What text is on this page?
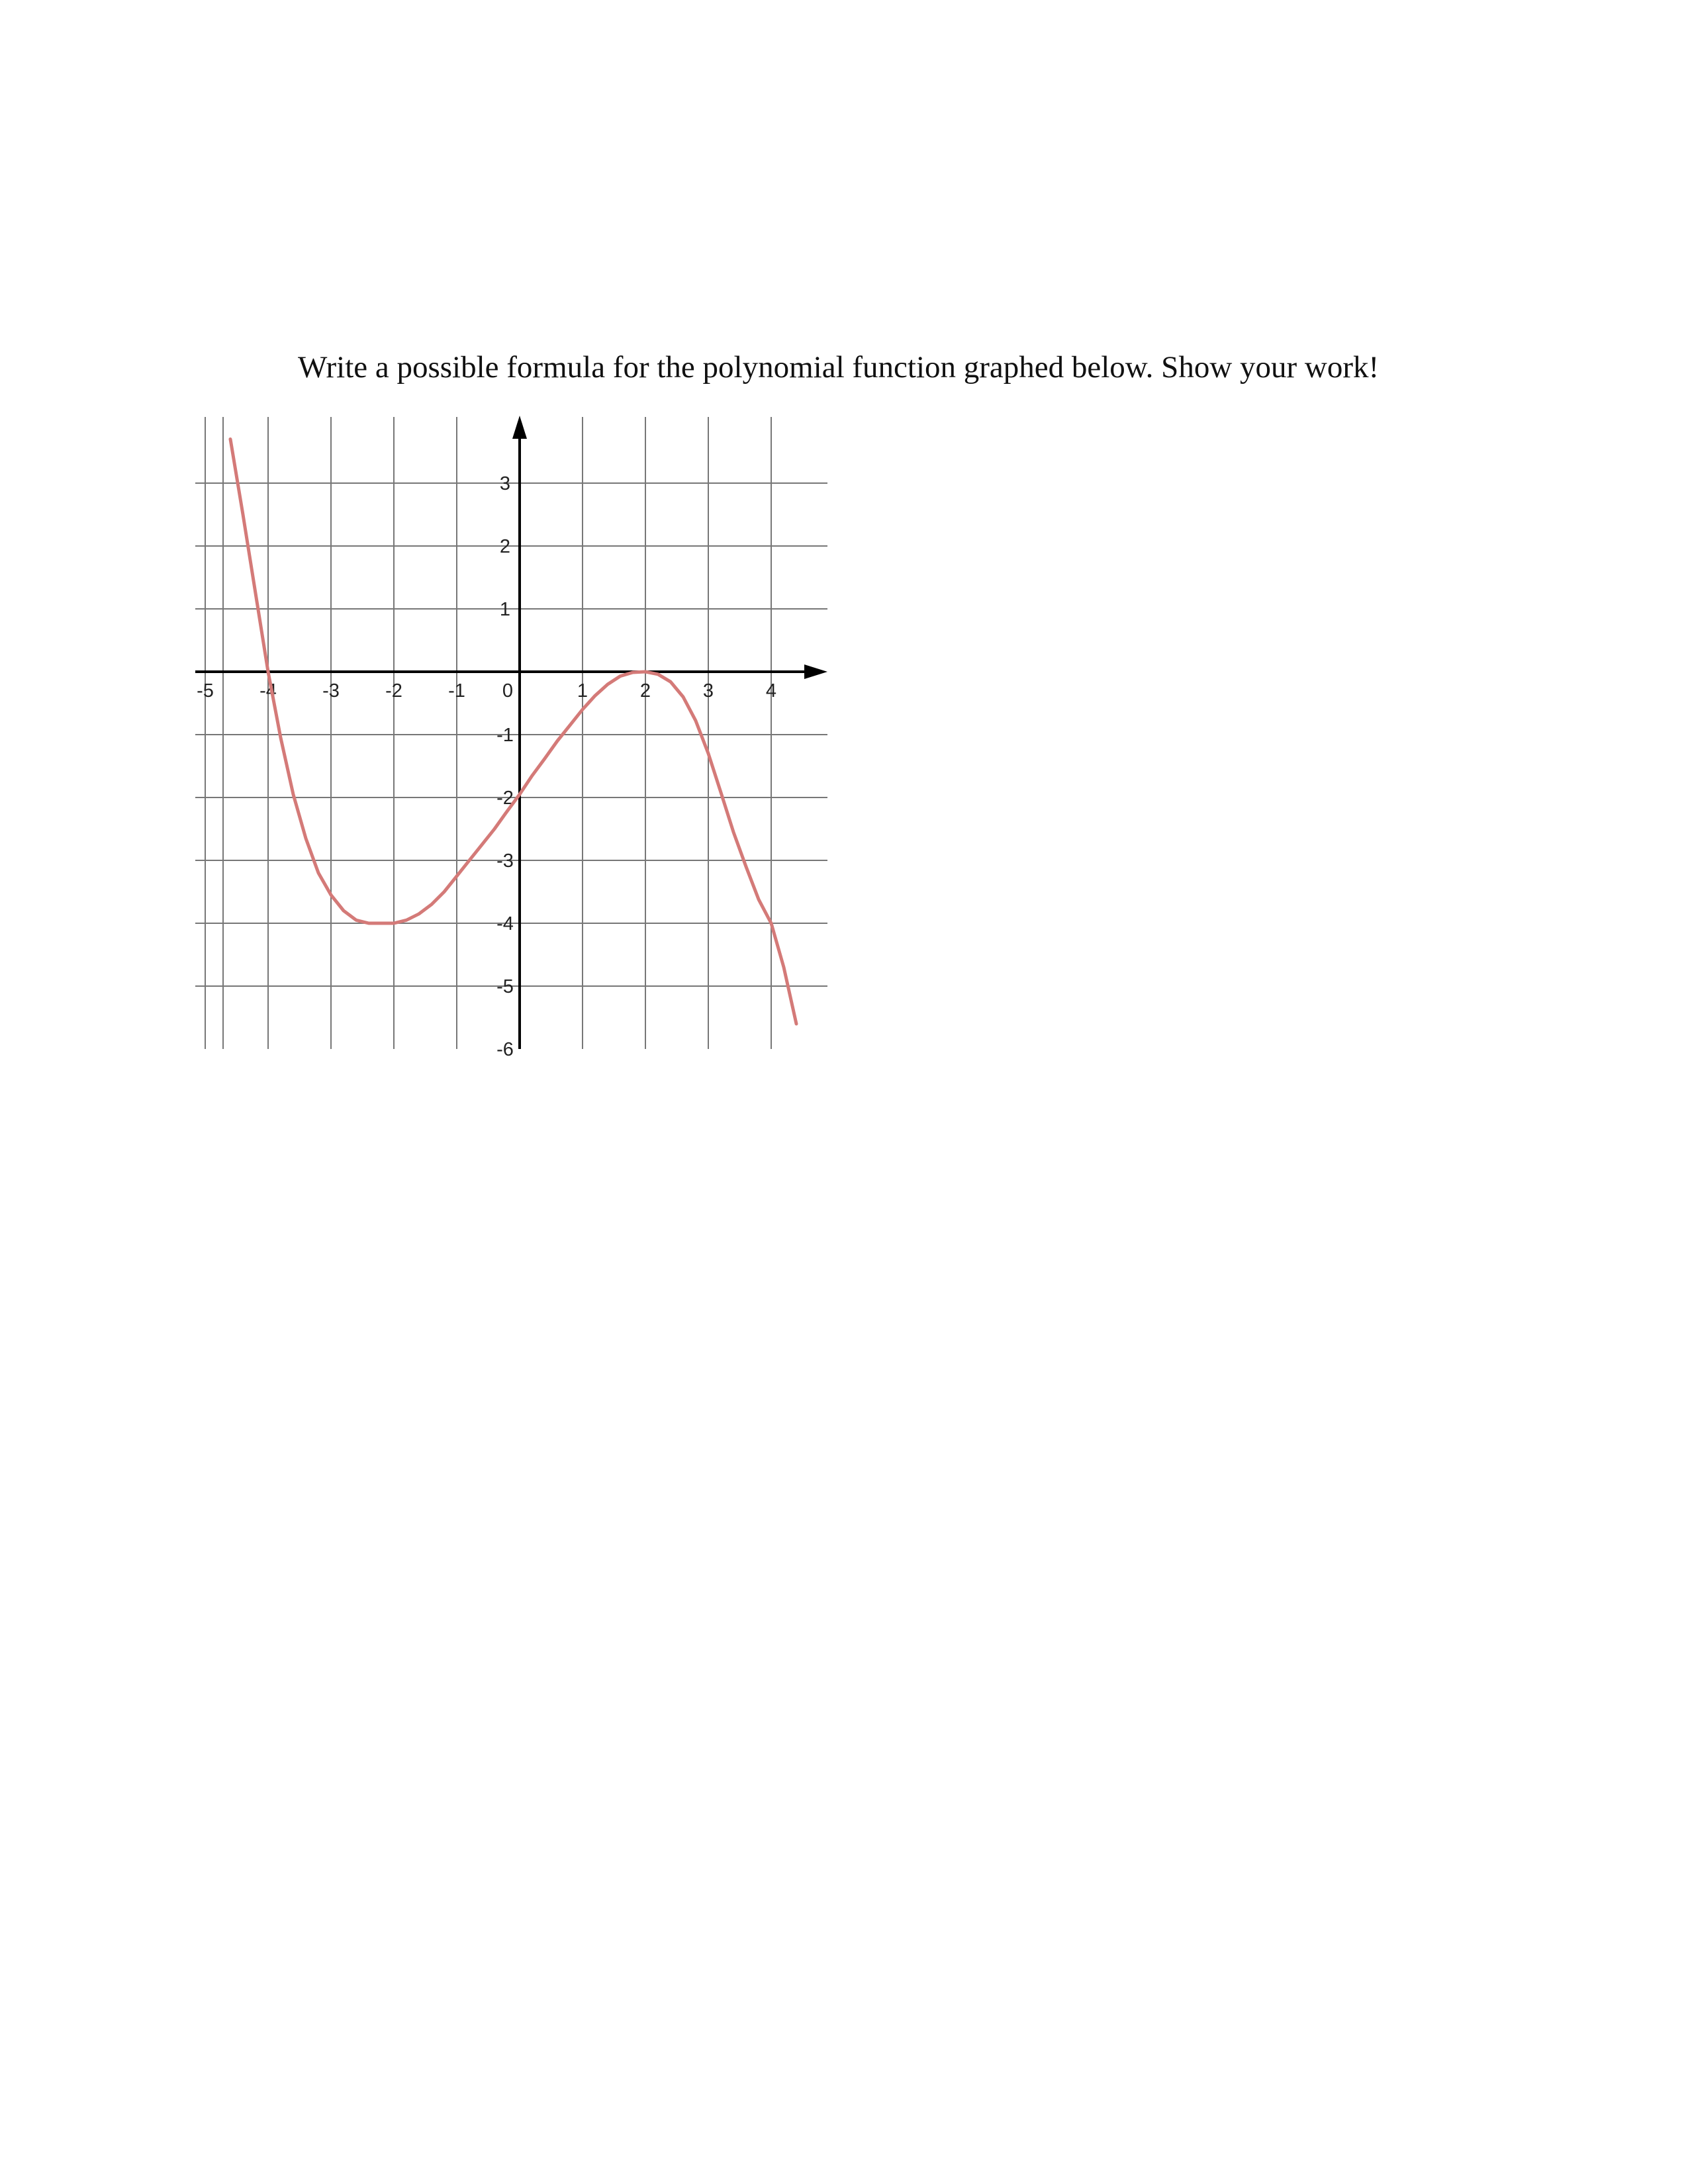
Write a possible formula for the polynomial function graphed below. Show your work!
-5 -4 -3 -2 -1 0	1	2	3	4
3
2
1
-1
-2
-3
-4
-5
-6
